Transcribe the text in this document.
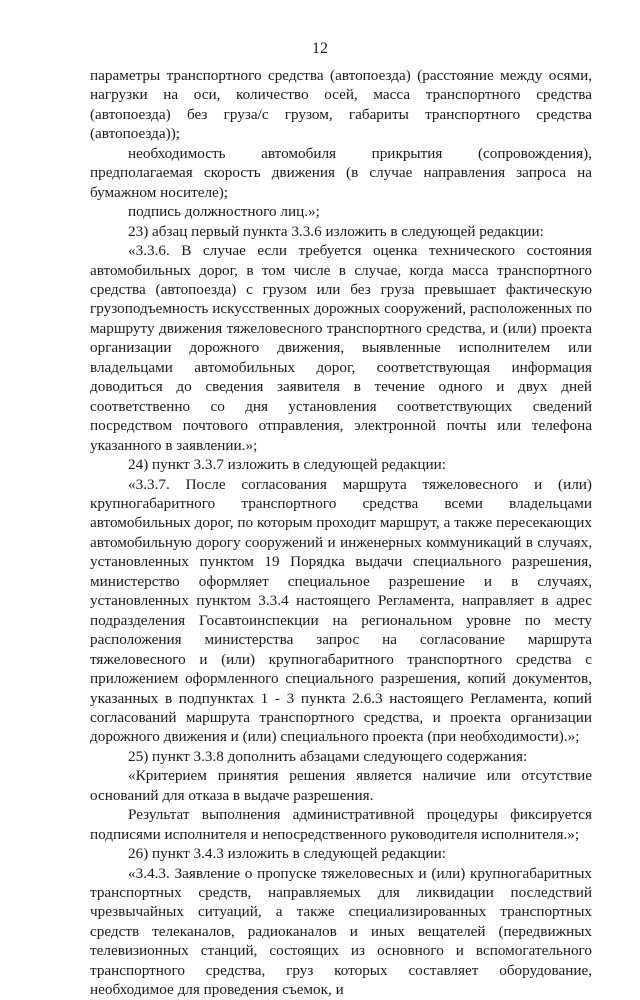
12

параметры транспортного средства (автопоезда) (расстояние между осями, нагрузки на оси, количество осей, масса транспортного средства (автопоезда) без груза/с грузом, габариты транспортного средства (автопоезда));

необходимость автомобиля прикрытия (сопровождения), предполагаемая скорость движения (в случае направления запроса на бумажном носителе);

подпись должностного лиц.»;

23) абзац первый пункта 3.3.6 изложить в следующей редакции:

«3.3.6. В случае если требуется оценка технического состояния автомобильных дорог, в том числе в случае, когда масса транспортного средства (автопоезда) с грузом или без груза превышает фактическую грузоподъемность искусственных дорожных сооружений, расположенных по маршруту движения тяжеловесного транспортного средства, и (или) проекта организации дорожного движения, выявленные исполнителем или владельцами автомобильных дорог, соответствующая информация доводиться до сведения заявителя в течение одного и двух дней соответственно со дня установления соответствующих сведений посредством почтового отправления, электронной почты или телефона указанного в заявлении.»;

24) пункт 3.3.7 изложить в следующей редакции:

«3.3.7. После согласования маршрута тяжеловесного и (или) крупногабаритного транспортного средства всеми владельцами автомобильных дорог, по которым проходит маршрут, а также пересекающих автомобильную дорогу сооружений и инженерных коммуникаций в случаях, установленных пунктом 19 Порядка выдачи специального разрешения, министерство оформляет специальное разрешение и в случаях, установленных пунктом 3.3.4 настоящего Регламента, направляет в адрес подразделения Госавтоинспекции на региональном уровне по месту расположения министерства запрос на согласование маршрута тяжеловесного и (или) крупногабаритного транспортного средства с приложением оформленного специального разрешения, копий документов, указанных в подпунктах 1 - 3 пункта 2.6.3 настоящего Регламента, копий согласований маршрута транспортного средства, и проекта организации дорожного движения и (или) специального проекта (при необходимости).»;

25) пункт 3.3.8 дополнить абзацами следующего содержания:

«Критерием принятия решения является наличие или отсутствие оснований для отказа в выдаче разрешения.

Результат выполнения административной процедуры фиксируется подписями исполнителя и непосредственного руководителя исполнителя.»;

26) пункт 3.4.3 изложить в следующей редакции:

«3.4.3. Заявление о пропуске тяжеловесных и (или) крупногабаритных транспортных средств, направляемых для ликвидации последствий чрезвычайных ситуаций, а также специализированных транспортных средств телеканалов, радиоканалов и иных вещателей (передвижных телевизионных станций, состоящих из основного и вспомогательного транспортного средства, груз которых составляет оборудование, необходимое для проведения съемок, и
